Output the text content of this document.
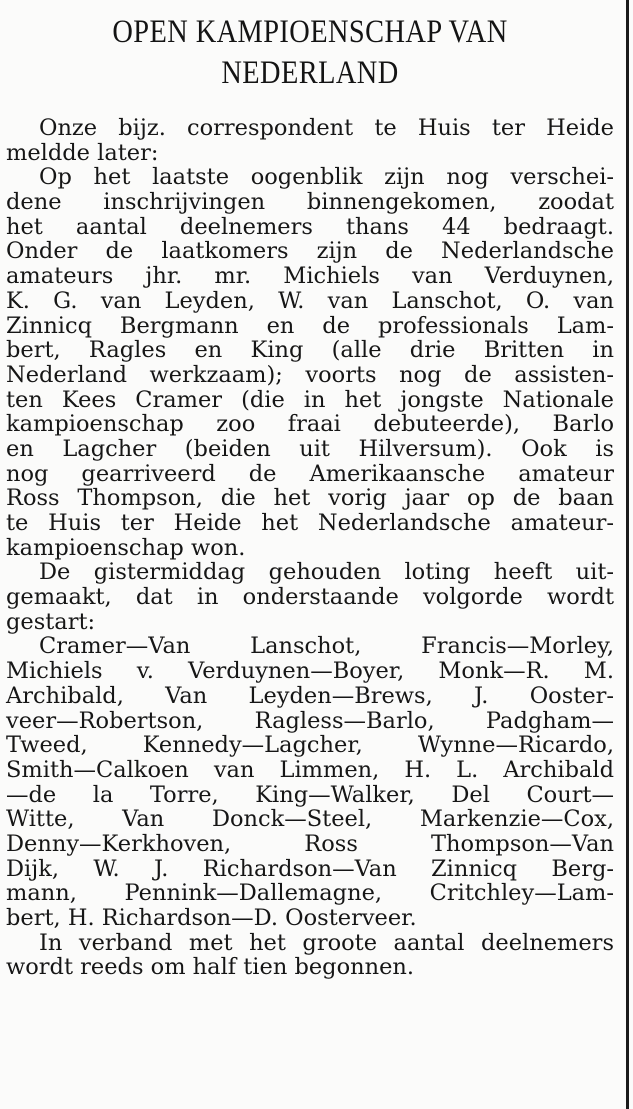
OPEN KAMPIOENSCHAP VAN
NEDERLAND
Onze bijz. correspondent te Huis ter Heide
meldde later:
Op het laatste oogenblik zijn nog verschei-
dene inschrijvingen binnengekomen, zoodat
het aantal deelnemers thans 44 bedraagt.
Onder de laatkomers zijn de Nederlandsche
amateurs jhr. mr. Michiels van Verduynen,
K. G. van Leyden, W. van Lanschot, O. van
Zinnicq Bergmann en de professionals Lam-
bert, Ragles en King (alle drie Britten in
Nederland werkzaam); voorts nog de assisten-
ten Kees Cramer (die in het jongste Nationale
kampioenschap zoo fraai debuteerde), Barlo
en Lagcher (beiden uit Hilversum). Ook is
nog gearriveerd de Amerikaansche amateur
Ross Thompson, die het vorig jaar op de baan
te Huis ter Heide het Nederlandsche amateur-
kampioenschap won.
De gistermiddag gehouden loting heeft uit-
gemaakt, dat in onderstaande volgorde wordt
gestart:
Cramer—Van Lanschot, Francis—Morley,
Michiels v. Verduynen—Boyer, Monk—R. M.
Archibald, Van Leyden—Brews, J. Ooster-
veer—Robertson, Ragless—Barlo, Padgham—
Tweed, Kennedy—Lagcher, Wynne—Ricardo,
Smith—Calkoen van Limmen, H. L. Archibald
—de la Torre, King—Walker, Del Court—
Witte, Van Donck—Steel, Markenzie—Cox,
Denny—Kerkhoven, Ross Thompson—Van
Dijk, W. J. Richardson—Van Zinnicq Berg-
mann, Pennink—Dallemagne, Critchley—Lam-
bert, H. Richardson—D. Oosterveer.
In verband met het groote aantal deelnemers
wordt reeds om half tien begonnen.
